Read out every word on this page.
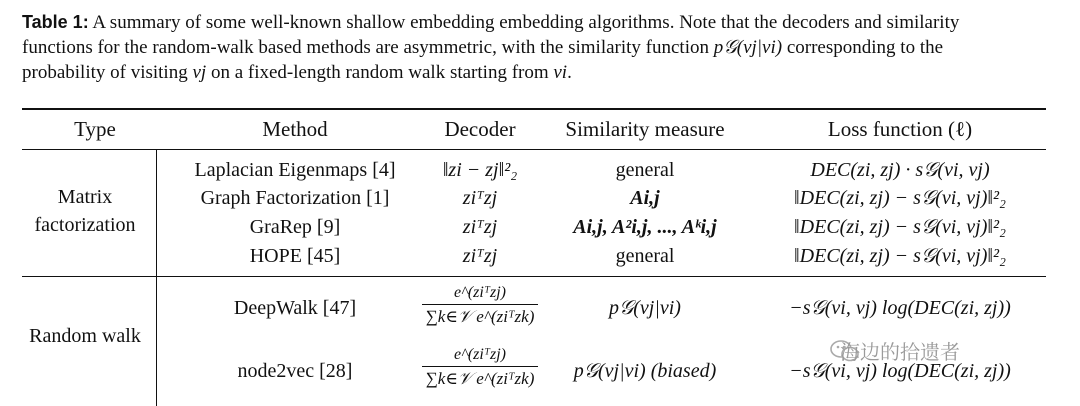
Table 1: A summary of some well-known shallow embedding embedding algorithms. Note that the decoders and similarity
functions for the random-walk based methods are asymmetric, with the similarity function p𝒢(vj|vi) corresponding to the
probability of visiting vj on a fixed-length random walk starting from vi.
Type	Method	Decoder	Similarity measure	Loss function (ℓ)
Matrix
factorization
Laplacian Eigenmaps [4]	‖zi − zj‖²₂	general	DEC(zi, zj) · s𝒢(vi, vj)
Graph Factorization [1]	ziᵀzj	Ai,j	‖DEC(zi, zj) − s𝒢(vi, vj)‖²₂
GraRep [9]	ziᵀzj	Ai,j, A²i,j, ..., Aᵏi,j	‖DEC(zi, zj) − s𝒢(vi, vj)‖²₂
HOPE [45]	ziᵀzj	general	‖DEC(zi, zj) − s𝒢(vi, vj)‖²₂
Random walk
DeepWalk [47]	$\frac{\text{e\textasciicircum{}(ziᵀzj)}}{\text{∑k∈𝒱 e\textasciicircum{}(ziᵀzk)}}$	p𝒢(vj|vi)	−s𝒢(vi, vj) log(DEC(zi, zj))
node2vec [28]	$\frac{\text{e\textasciicircum{}(ziᵀzj)}}{\text{∑k∈𝒱 e\textasciicircum{}(ziᵀzk)}}$	p𝒢(vj|vi) (biased)	−s𝒢(vi, vj) log(DEC(zi, zj))
海边的拾遗者
